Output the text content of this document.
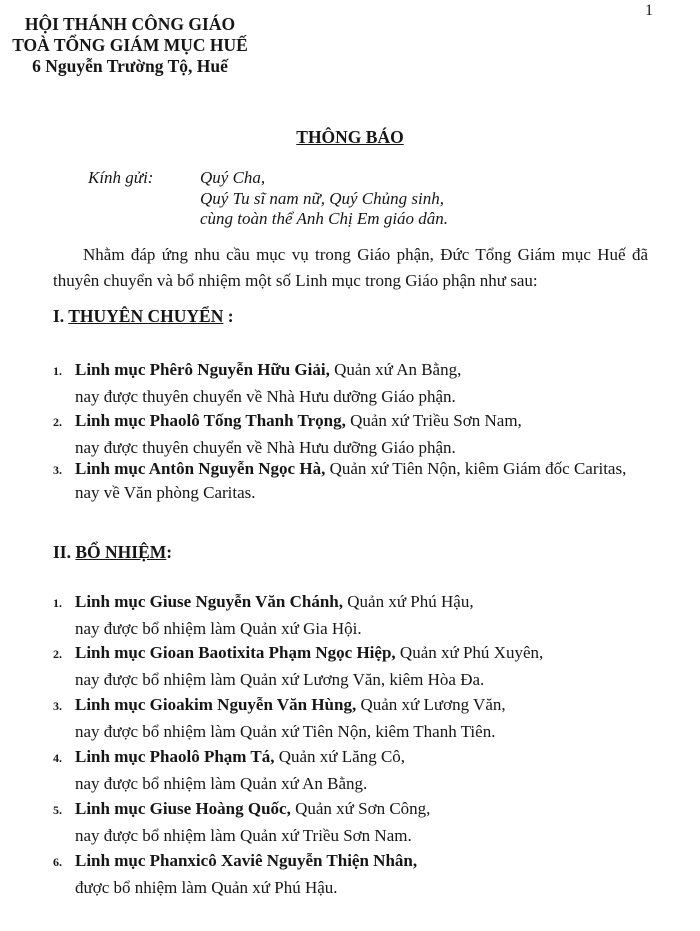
1
HỘI THÁNH CÔNG GIÁO
TOÀ TỔNG GIÁM MỤC HUẾ
6 Nguyễn Trường Tộ, Huế
THÔNG BÁO
Kính gửi:	Quý Cha,
Quý Tu sĩ nam nữ, Quý Chủng sinh,
cùng toàn thể Anh Chị Em giáo dân.
Nhằm đáp ứng nhu cầu mục vụ trong Giáo phận, Đức Tổng Giám mục Huế đã thuyên chuyển và bổ nhiệm một số Linh mục trong Giáo phận như sau:
I. THUYÊN CHUYỂN :
1. Linh mục Phêrô Nguyễn Hữu Giải, Quản xứ An Bằng,
nay được thuyên chuyển về Nhà Hưu dưỡng Giáo phận.
2. Linh mục Phaolô Tống Thanh Trọng, Quản xứ Triều Sơn Nam,
nay được thuyên chuyển về Nhà Hưu dưỡng Giáo phận.
3. Linh mục Antôn Nguyễn Ngọc Hà, Quản xứ Tiên Nộn, kiêm Giám đốc Caritas,
nay về Văn phòng Caritas.
II. BỔ NHIỆM:
1. Linh mục Giuse Nguyễn Văn Chánh, Quản xứ Phú Hậu,
nay được bổ nhiệm làm Quản xứ Gia Hội.
2. Linh mục Gioan Baotixita Phạm Ngọc Hiệp, Quản xứ Phú Xuyên,
nay được bổ nhiệm làm Quản xứ Lương Văn, kiêm Hòa Đa.
3. Linh mục Gioakim Nguyễn Văn Hùng, Quản xứ Lương Văn,
nay được bổ nhiệm làm Quản xứ Tiên Nộn, kiêm Thanh Tiên.
4. Linh mục Phaolô Phạm Tá, Quản xứ Lăng Cô,
nay được bổ nhiệm làm Quản xứ An Bằng.
5. Linh mục Giuse Hoàng Quốc, Quản xứ Sơn Công,
nay được bổ nhiệm làm Quản xứ Triều Sơn Nam.
6. Linh mục Phanxicô Xaviê Nguyễn Thiện Nhân,
được bổ nhiệm làm Quản xứ Phú Hậu.
